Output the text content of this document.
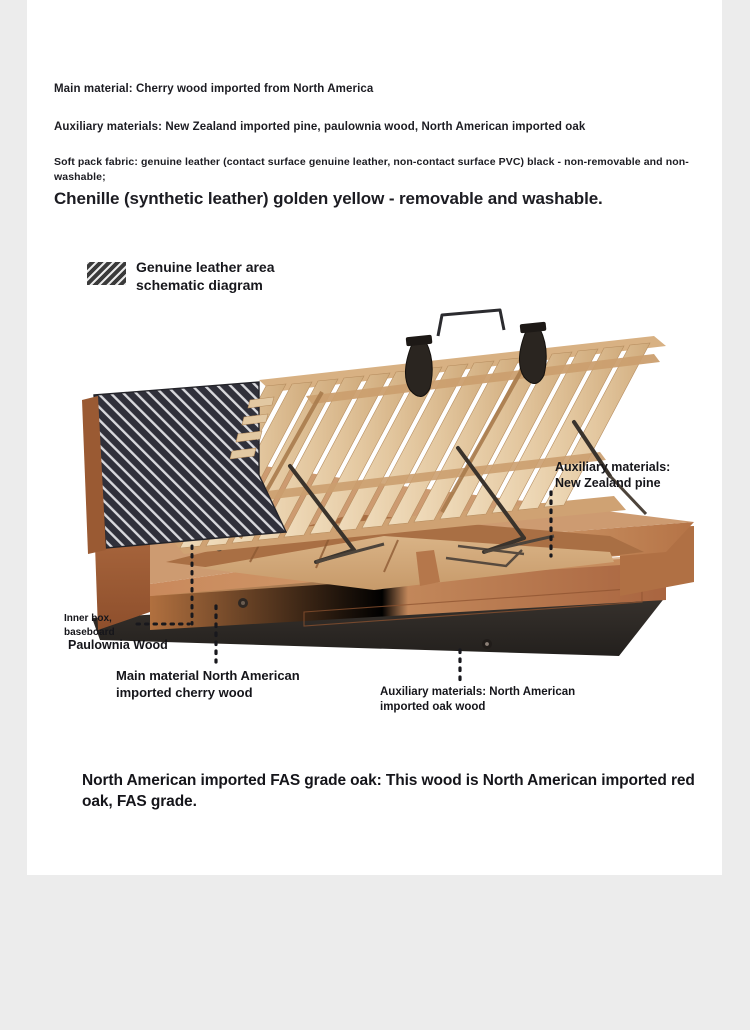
Main material: Cherry wood imported from North America
Auxiliary materials: New Zealand imported pine, paulownia wood, North American imported oak
Soft pack fabric: genuine leather (contact surface genuine leather, non-contact surface PVC) black - non-removable and non-washable;
Chenille (synthetic leather) golden yellow - removable and washable.
Genuine leather area
schematic diagram
Auxiliary materials:
New Zealand pine
Inner box,
baseboard
Paulownia Wood
Main material North American
imported cherry wood	Auxiliary materials: North American
imported oak wood
North American imported FAS grade oak: This wood is North American imported red oak, FAS grade.
